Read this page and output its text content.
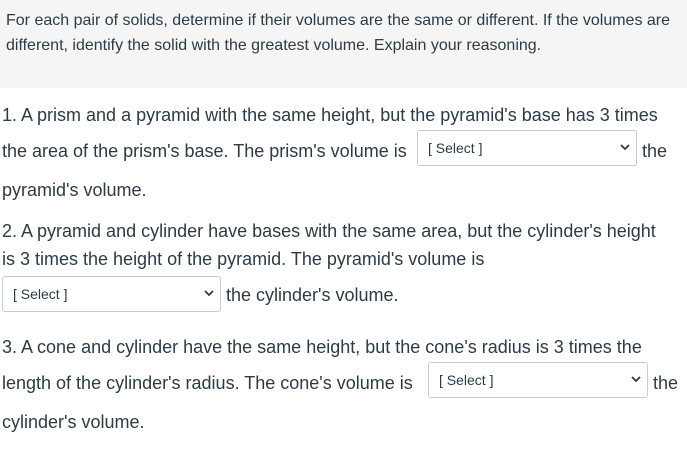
For each pair of solids, determine if their volumes are the same or different. If the volumes are different, identify the solid with the greatest volume. Explain your reasoning.
1. A prism and a pyramid with the same height, but the pyramid's base has 3 times
the area of the prism's base. The prism's volume is [ Select ]	the
pyramid's volume.
2. A pyramid and cylinder have bases with the same area, but the cylinder's height
is 3 times the height of the pyramid. The pyramid's volume is
[ Select ]	the cylinder's volume.
3. A cone and cylinder have the same height, but the cone's radius is 3 times the
length of the cylinder's radius. The cone's volume is [ Select ]	the
cylinder's volume.
